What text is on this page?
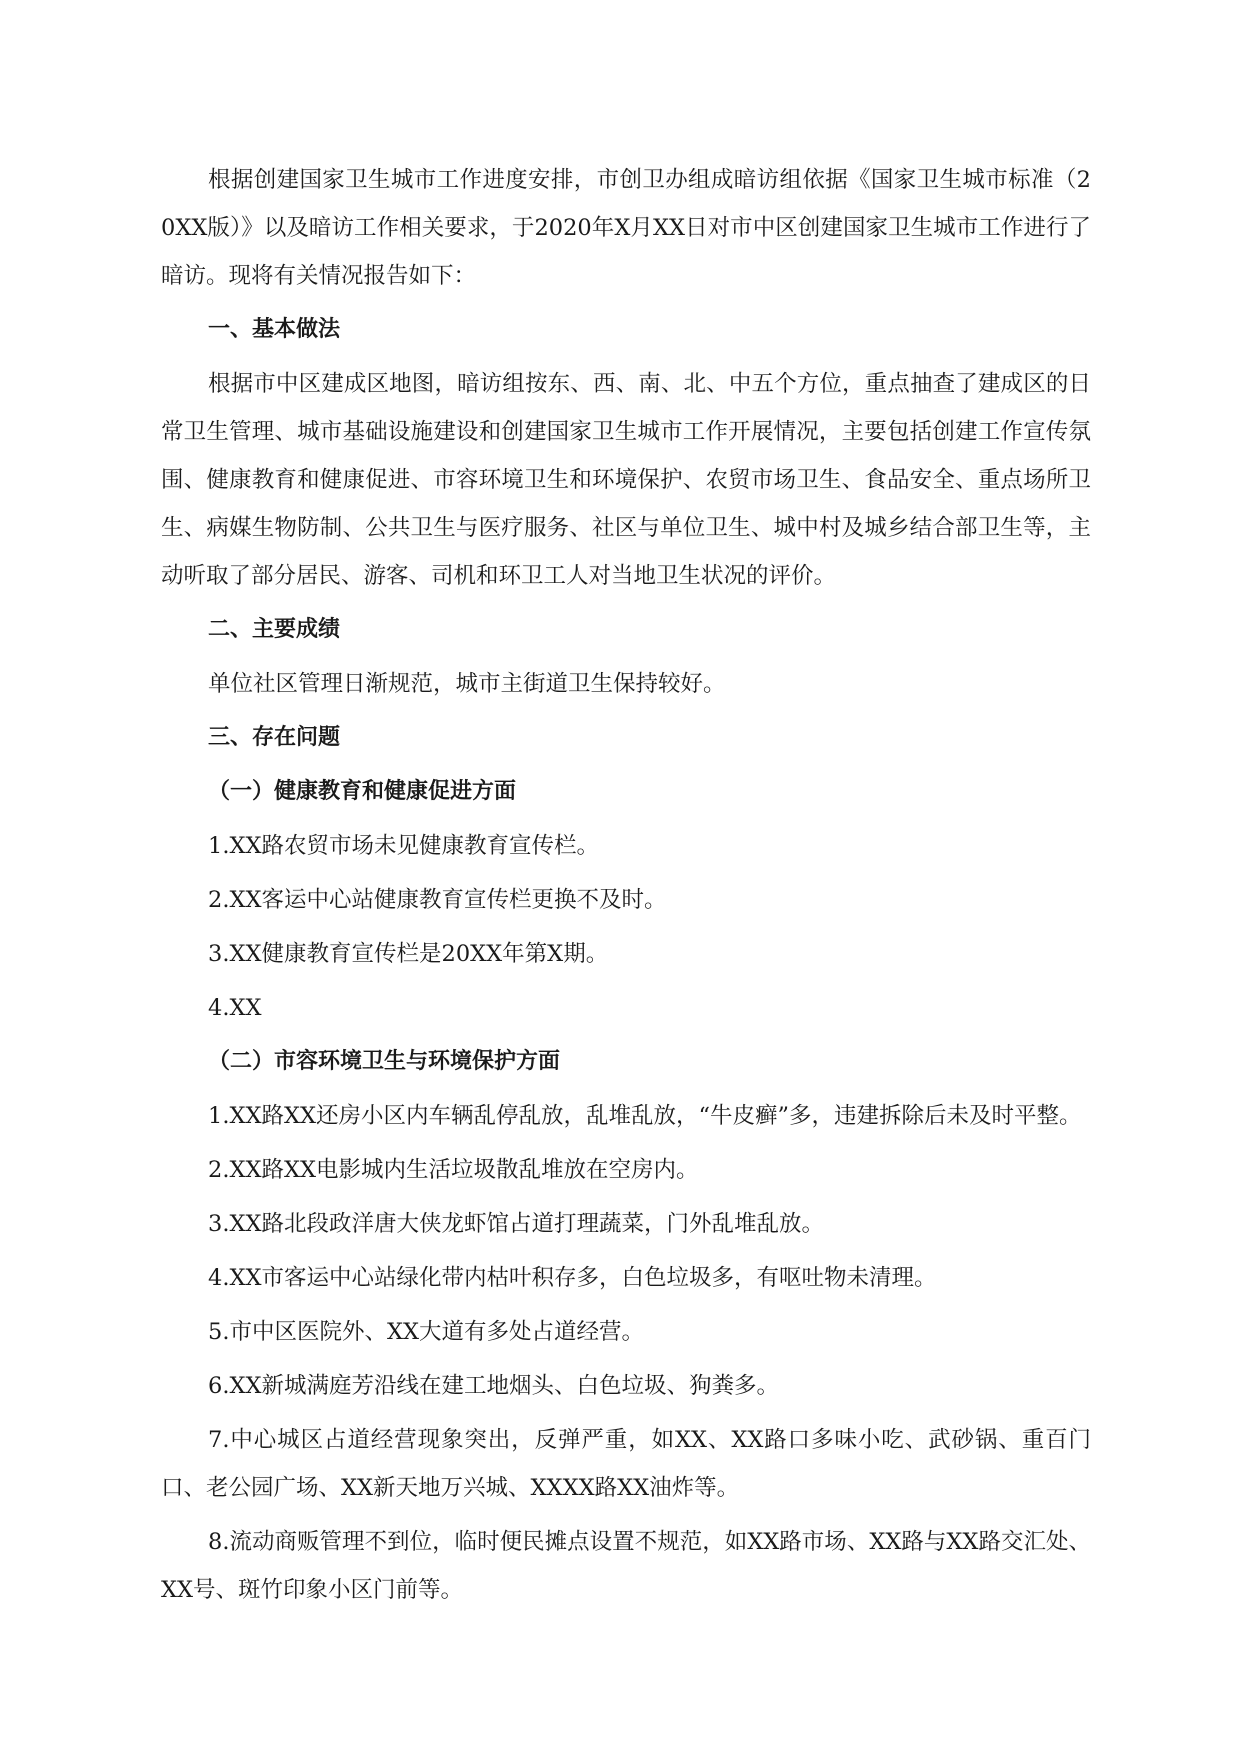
根据创建国家卫生城市工作进度安排，市创卫办组成暗访组依据《国家卫生城市标准（20XX版）》以及暗访工作相关要求，于2020年X月XX日对市中区创建国家卫生城市工作进行了暗访。现将有关情况报告如下：

一、基本做法

根据市中区建成区地图，暗访组按东、西、南、北、中五个方位，重点抽查了建成区的日常卫生管理、城市基础设施建设和创建国家卫生城市工作开展情况，主要包括创建工作宣传氛围、健康教育和健康促进、市容环境卫生和环境保护、农贸市场卫生、食品安全、重点场所卫生、病媒生物防制、公共卫生与医疗服务、社区与单位卫生、城中村及城乡结合部卫生等，主动听取了部分居民、游客、司机和环卫工人对当地卫生状况的评价。

二、主要成绩

单位社区管理日渐规范，城市主街道卫生保持较好。

三、存在问题

（一）健康教育和健康促进方面

1.XX路农贸市场未见健康教育宣传栏。

2.XX客运中心站健康教育宣传栏更换不及时。

3.XX健康教育宣传栏是20XX年第X期。

4.XX

（二）市容环境卫生与环境保护方面

1.XX路XX还房小区内车辆乱停乱放，乱堆乱放，“牛皮癣”多，违建拆除后未及时平整。

2.XX路XX电影城内生活垃圾散乱堆放在空房内。

3.XX路北段政洋唐大侠龙虾馆占道打理蔬菜，门外乱堆乱放。

4.XX市客运中心站绿化带内枯叶积存多，白色垃圾多，有呕吐物未清理。

5.市中区医院外、XX大道有多处占道经营。

6.XX新城满庭芳沿线在建工地烟头、白色垃圾、狗粪多。

7.中心城区占道经营现象突出，反弹严重，如XX、XX路口多味小吃、武砂锅、重百门口、老公园广场、XX新天地万兴城、XXXX路XX油炸等。

8.流动商贩管理不到位，临时便民摊点设置不规范，如XX路市场、XX路与XX路交汇处、XX号、斑竹印象小区门前等。
